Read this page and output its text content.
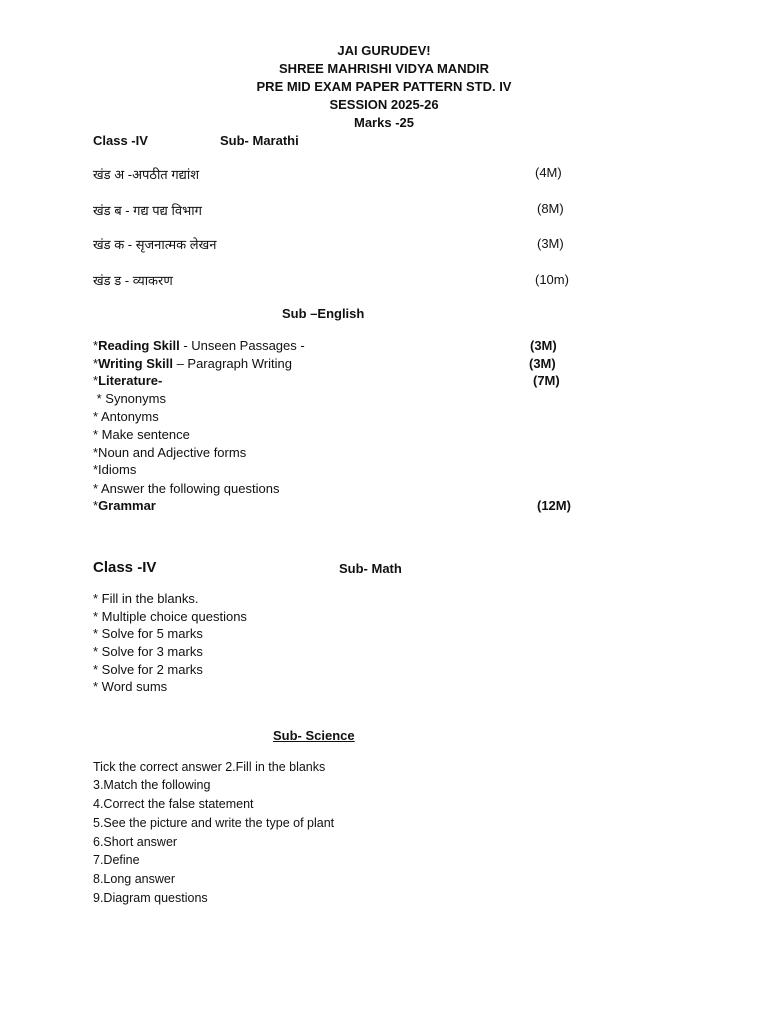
JAI GURUDEV!
SHREE MAHRISHI VIDYA MANDIR
PRE MID EXAM PAPER PATTERN STD. IV
SESSION 2025-26
Marks -25
Class -IV	Sub- Marathi
खंड अ -अपठीत गद्यांश	(4M)
खंड ब - गद्य पद्य विभाग	(8M)
खंड क - सृजनात्मक लेखन	(3M)
खंड ड - व्याकरण	(10m)
Sub –English
*Reading Skill - Unseen Passages -	(3M)
*Writing Skill – Paragraph Writing	(3M)
*Literature-	(7M)
* Synonyms
* Antonyms
* Make sentence
*Noun and Adjective forms
*Idioms
* Answer the following questions
*Grammar	(12M)
Class -IV	Sub- Math
* Fill in the blanks.
* Multiple choice questions
* Solve for 5 marks
* Solve for 3 marks
* Solve for 2 marks
* Word sums
Sub- Science
Tick the correct answer 2.Fill in the blanks
3.Match the following
4.Correct the false statement
5.See the picture and write the type of plant
6.Short answer
7.Define
8.Long answer
9.Diagram questions
